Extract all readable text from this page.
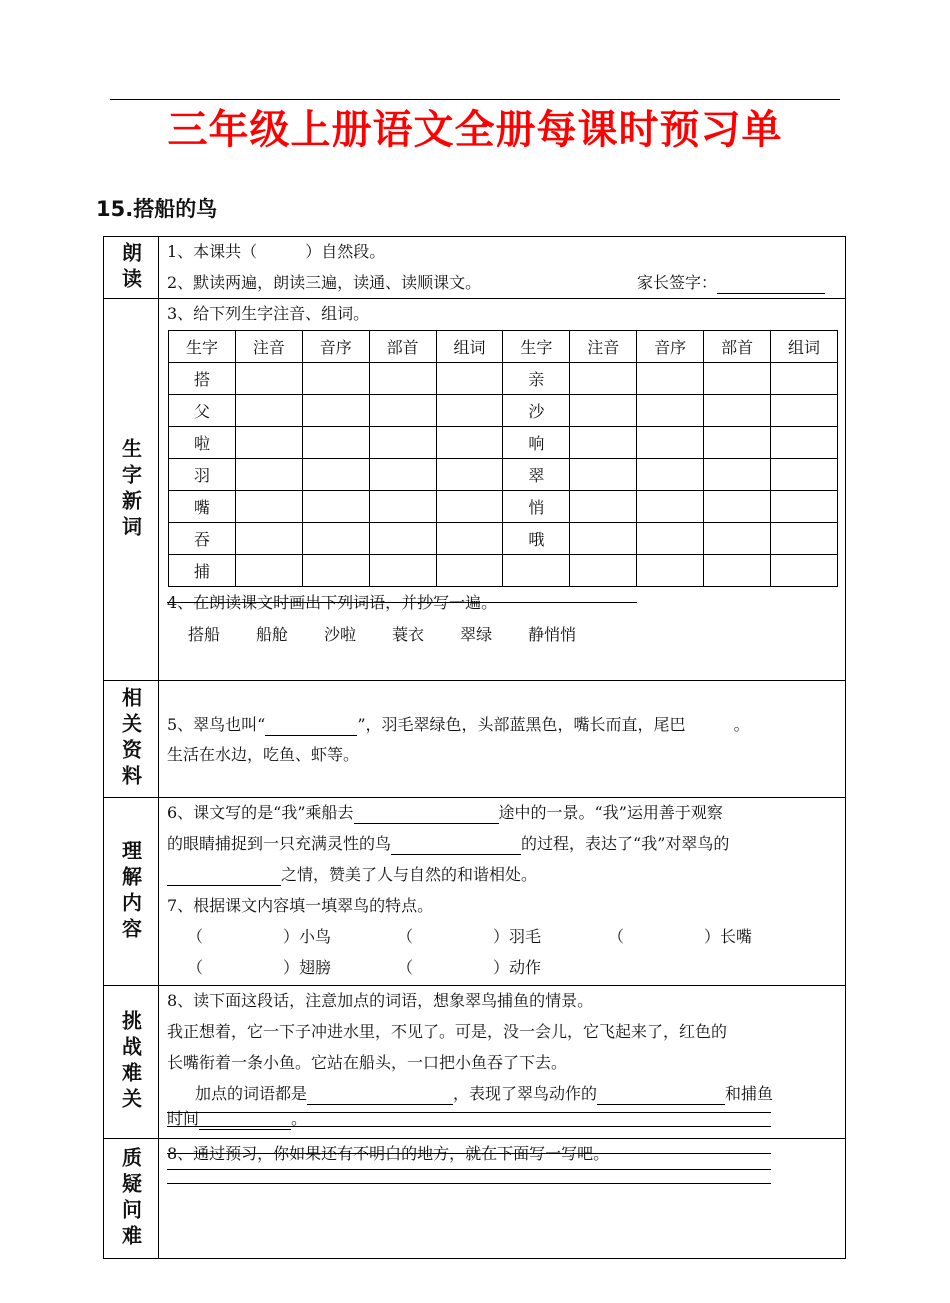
三年级上册语文全册每课时预习单
15.搭船的鸟
朗读 1、本课共（	）自然段。
2、默读两遍，朗读三遍，读通、读顺课文。	家长签字：
生字新词
3、给下列生字注音、组词。
生字	注音	音序	部首	组词	生字	注音	音序	部首	组词
搭					亲				
父					沙				
啦					响				
羽					翠				
嘴					悄				
吞					哦				
捕									
4、在朗读课文时画出下列词语，并抄写一遍。
搭船 船舱 沙啦 蓑衣 翠绿 静悄悄
相关资料 5、翠鸟也叫“	”，羽毛翠绿色，头部蓝黑色，嘴长而直，尾巴	。
生活在水边，吃鱼、虾等。
理解内容
6、课文写的是“我”乘船去	途中的一景。“我”运用善于观察
的眼睛捕捉到一只充满灵性的鸟	的过程，表达了“我”对翠鸟的
之情，赞美了人与自然的和谐相处。
7、根据课文内容填一填翠鸟的特点。
（	）小鸟	（	）羽毛	（	）长嘴
（	）翅膀	（	）动作
挑战难关
8、读下面这段话，注意加点的词语，想象翠鸟捕鱼的情景。
我正想着，它一下子冲进水里，不见了。可是，没一会儿，它飞起来了，红色的
长嘴衔着一条小鱼。它站在船头，一口把小鱼吞了下去。
加点的词语都是	，表现了翠鸟动作的	和捕鱼
时间	。
质疑问难 8、通过预习，你如果还有不明白的地方，就在下面写一写吧。
